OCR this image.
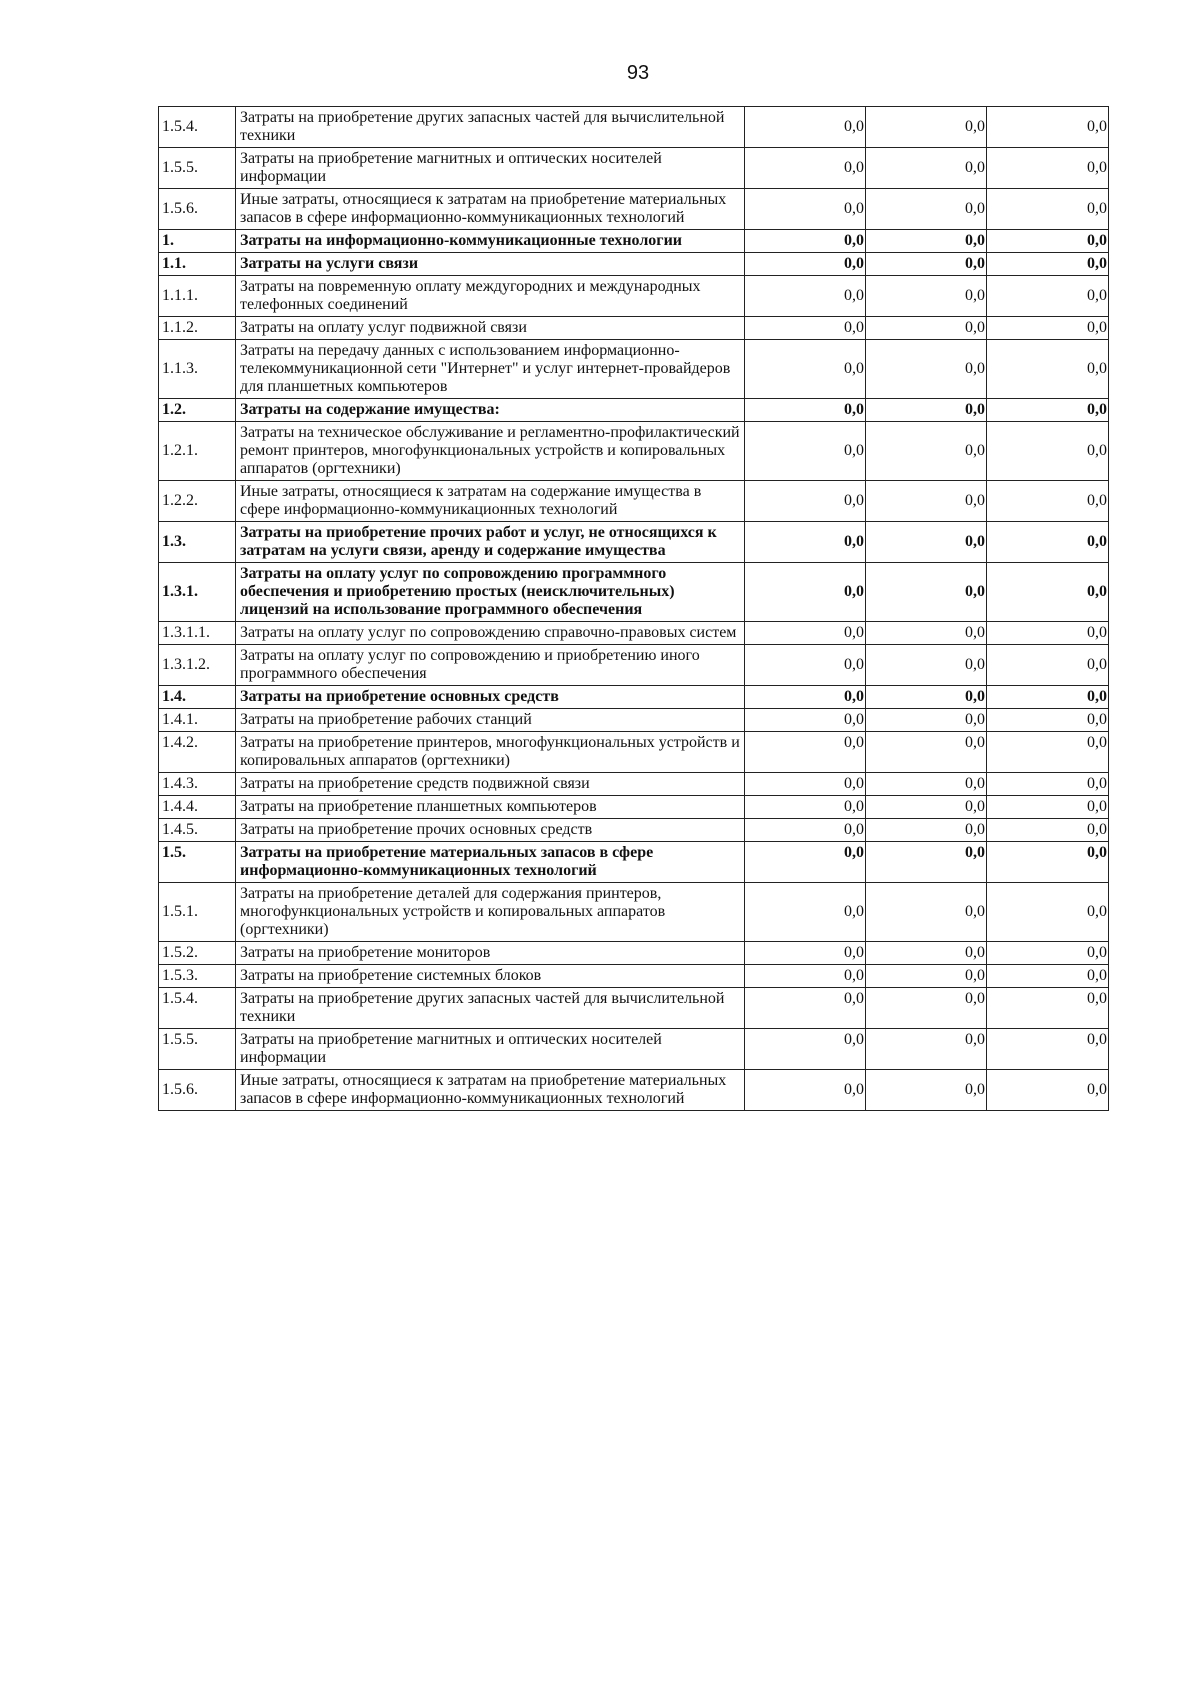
93
1.5.4.	Затраты на приобретение других запасных частей для вычислительной техники	0,0	0,0	0,0
1.5.5.	Затраты на приобретение магнитных и оптических носителей информации	0,0	0,0	0,0
1.5.6.	Иные затраты, относящиеся к затратам на приобретение материальных запасов в сфере информационно-коммуникационных технологий	0,0	0,0	0,0
1.	Затраты на информационно-коммуникационные технологии	0,0	0,0	0,0
1.1.	Затраты на услуги связи	0,0	0,0	0,0
1.1.1.	Затраты на повременную оплату междугородних и международных телефонных соединений	0,0	0,0	0,0
1.1.2.	Затраты на оплату услуг подвижной связи	0,0	0,0	0,0
1.1.3.	Затраты на передачу данных с использованием информационно-телекоммуникационной сети "Интернет" и услуг интернет-провайдеров для планшетных компьютеров	0,0	0,0	0,0
1.2.	Затраты на содержание имущества:	0,0	0,0	0,0
1.2.1.	Затраты на техническое обслуживание и регламентно-профилактический ремонт принтеров, многофункциональных устройств и копировальных аппаратов (оргтехники)	0,0	0,0	0,0
1.2.2.	Иные затраты, относящиеся к затратам на содержание имущества в сфере информационно-коммуникационных технологий	0,0	0,0	0,0
1.3.	Затраты на приобретение прочих работ и услуг, не относящихся к затратам на услуги связи, аренду и содержание имущества	0,0	0,0	0,0
1.3.1.	Затраты на оплату услуг по сопровождению программного обеспечения и приобретению простых (неисключительных) лицензий на использование программного обеспечения	0,0	0,0	0,0
1.3.1.1.	Затраты на оплату услуг по сопровождению справочно-правовых систем	0,0	0,0	0,0
1.3.1.2.	Затраты на оплату услуг по сопровождению и приобретению иного программного обеспечения	0,0	0,0	0,0
1.4.	Затраты на приобретение основных средств	0,0	0,0	0,0
1.4.1.	Затраты на приобретение рабочих станций	0,0	0,0	0,0
1.4.2.	Затраты на приобретение принтеров, многофункциональных устройств и копировальных аппаратов (оргтехники)	0,0	0,0	0,0
1.4.3.	Затраты на приобретение средств подвижной связи	0,0	0,0	0,0
1.4.4.	Затраты на приобретение планшетных компьютеров	0,0	0,0	0,0
1.4.5.	Затраты на приобретение прочих основных средств	0,0	0,0	0,0
1.5.	Затраты на приобретение материальных запасов в сфере информационно-коммуникационных технологий	0,0	0,0	0,0
1.5.1.	Затраты на приобретение деталей для содержания принтеров, многофункциональных устройств и копировальных аппаратов (оргтехники)	0,0	0,0	0,0
1.5.2.	Затраты на приобретение мониторов	0,0	0,0	0,0
1.5.3.	Затраты на приобретение системных блоков	0,0	0,0	0,0
1.5.4.	Затраты на приобретение других запасных частей для вычислительной техники	0,0	0,0	0,0
1.5.5.	Затраты на приобретение магнитных и оптических носителей информации	0,0	0,0	0,0
1.5.6.	Иные затраты, относящиеся к затратам на приобретение материальных запасов в сфере информационно-коммуникационных технологий	0,0	0,0	0,0
